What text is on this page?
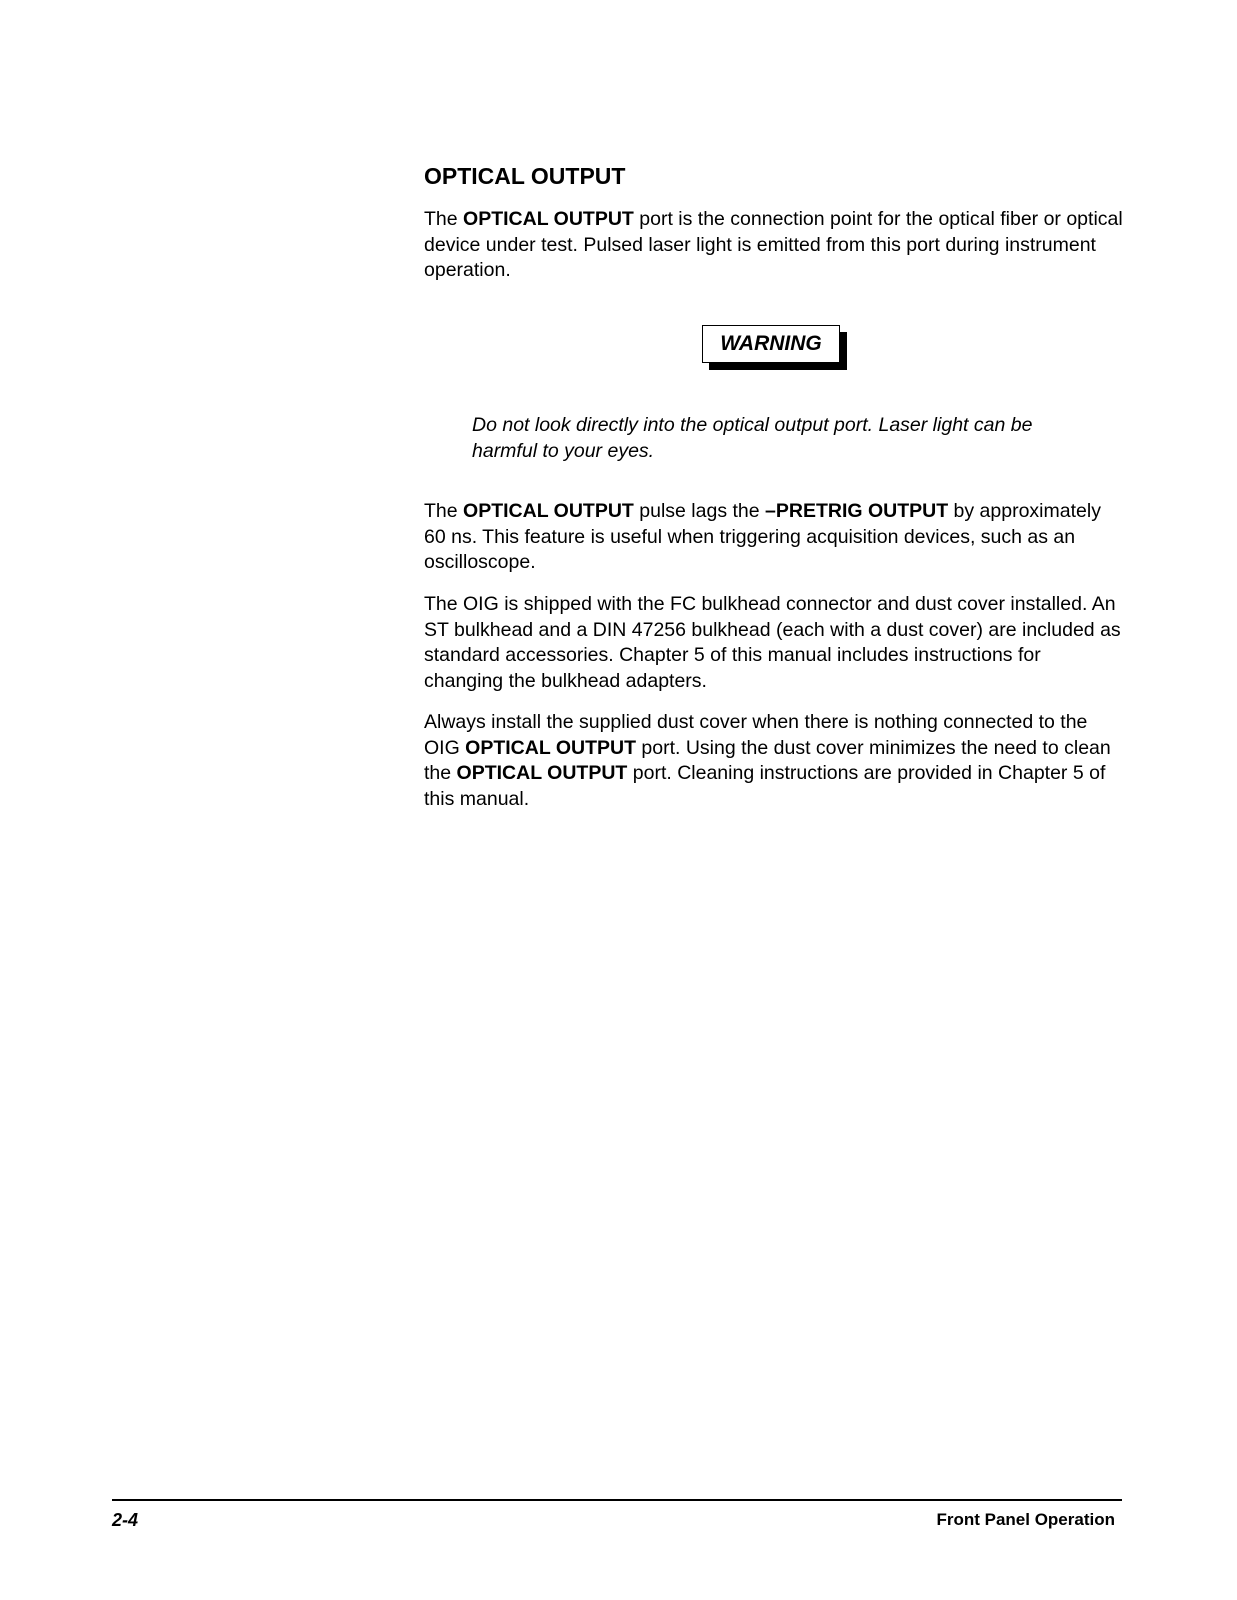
OPTICAL OUTPUT

The OPTICAL OUTPUT port is the connection point for the optical fiber or optical device under test. Pulsed laser light is emitted from this port during instrument operation.

WARNING

Do not look directly into the optical output port. Laser light can be harmful to your eyes.

The OPTICAL OUTPUT pulse lags the –PRETRIG OUTPUT by approximately 60 ns. This feature is useful when triggering acquisition devices, such as an oscilloscope.

The OIG is shipped with the FC bulkhead connector and dust cover installed. An ST bulkhead and a DIN 47256 bulkhead (each with a dust cover) are included as standard accessories. Chapter 5 of this manual includes instructions for changing the bulkhead adapters.

Always install the supplied dust cover when there is nothing connected to the OIG OPTICAL OUTPUT port. Using the dust cover minimizes the need to clean the OPTICAL OUTPUT port. Cleaning instructions are provided in Chapter 5 of this manual.

2-4	Front Panel Operation
